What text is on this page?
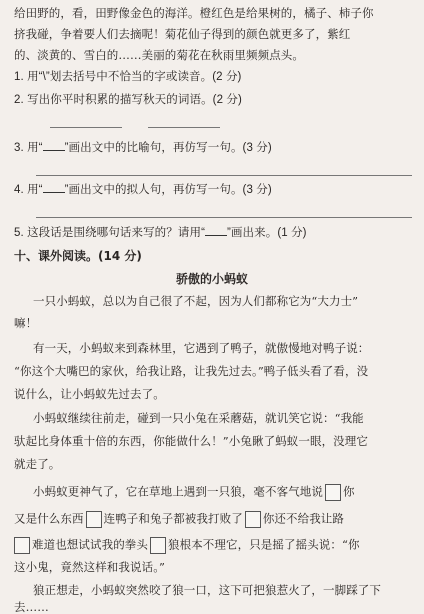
给田野的，看，田野像金色的海洋。橙红色是给果树的，橘子、柿子你
挤我碰，争着要人们去摘呢！菊花仙子得到的颜色就更多了，紫红
的、淡黄的、雪白的……美丽的菊花在秋雨里频频点头。
1. 用“\”划去括号中不恰当的字或读音。(2 分)
2. 写出你平时积累的描写秋天的词语。(2 分)
3. 用“ ”画出文中的比喻句，再仿写一句。(3 分)
4. 用“ ”画出文中的拟人句，再仿写一句。(3 分)
5. 这段话是围绕哪句话来写的？请用“ ”画出来。(1 分)
十、课外阅读。(14 分)
骄傲的小蚂蚁
一只小蚂蚁，总以为自己很了不起，因为人们都称它为“大力士”
嘛！
有一天，小蚂蚁来到森林里，它遇到了鸭子，就傲慢地对鸭子说：
“你这个大嘴巴的家伙，给我让路，让我先过去。”鸭子低头看了看，没
说什么，让小蚂蚁先过去了。
小蚂蚁继续往前走，碰到一只小兔在采蘑菇，就讥笑它说：“我能
驮起比身体重十倍的东西，你能做什么！”小兔瞅了蚂蚁一眼，没理它
就走了。
小蚂蚁更神气了，它在草地上遇到一只狼，毫不客气地说 你
又是什么东西 连鸭子和兔子都被我打败了 你还不给我让路
难道也想试试我的拳头 狼根本不理它，只是摇了摇头说：“你
这小鬼，竟然这样和我说话。”
狼正想走，小蚂蚁突然咬了狼一口，这下可把狼惹火了，一脚踩了下
去……
